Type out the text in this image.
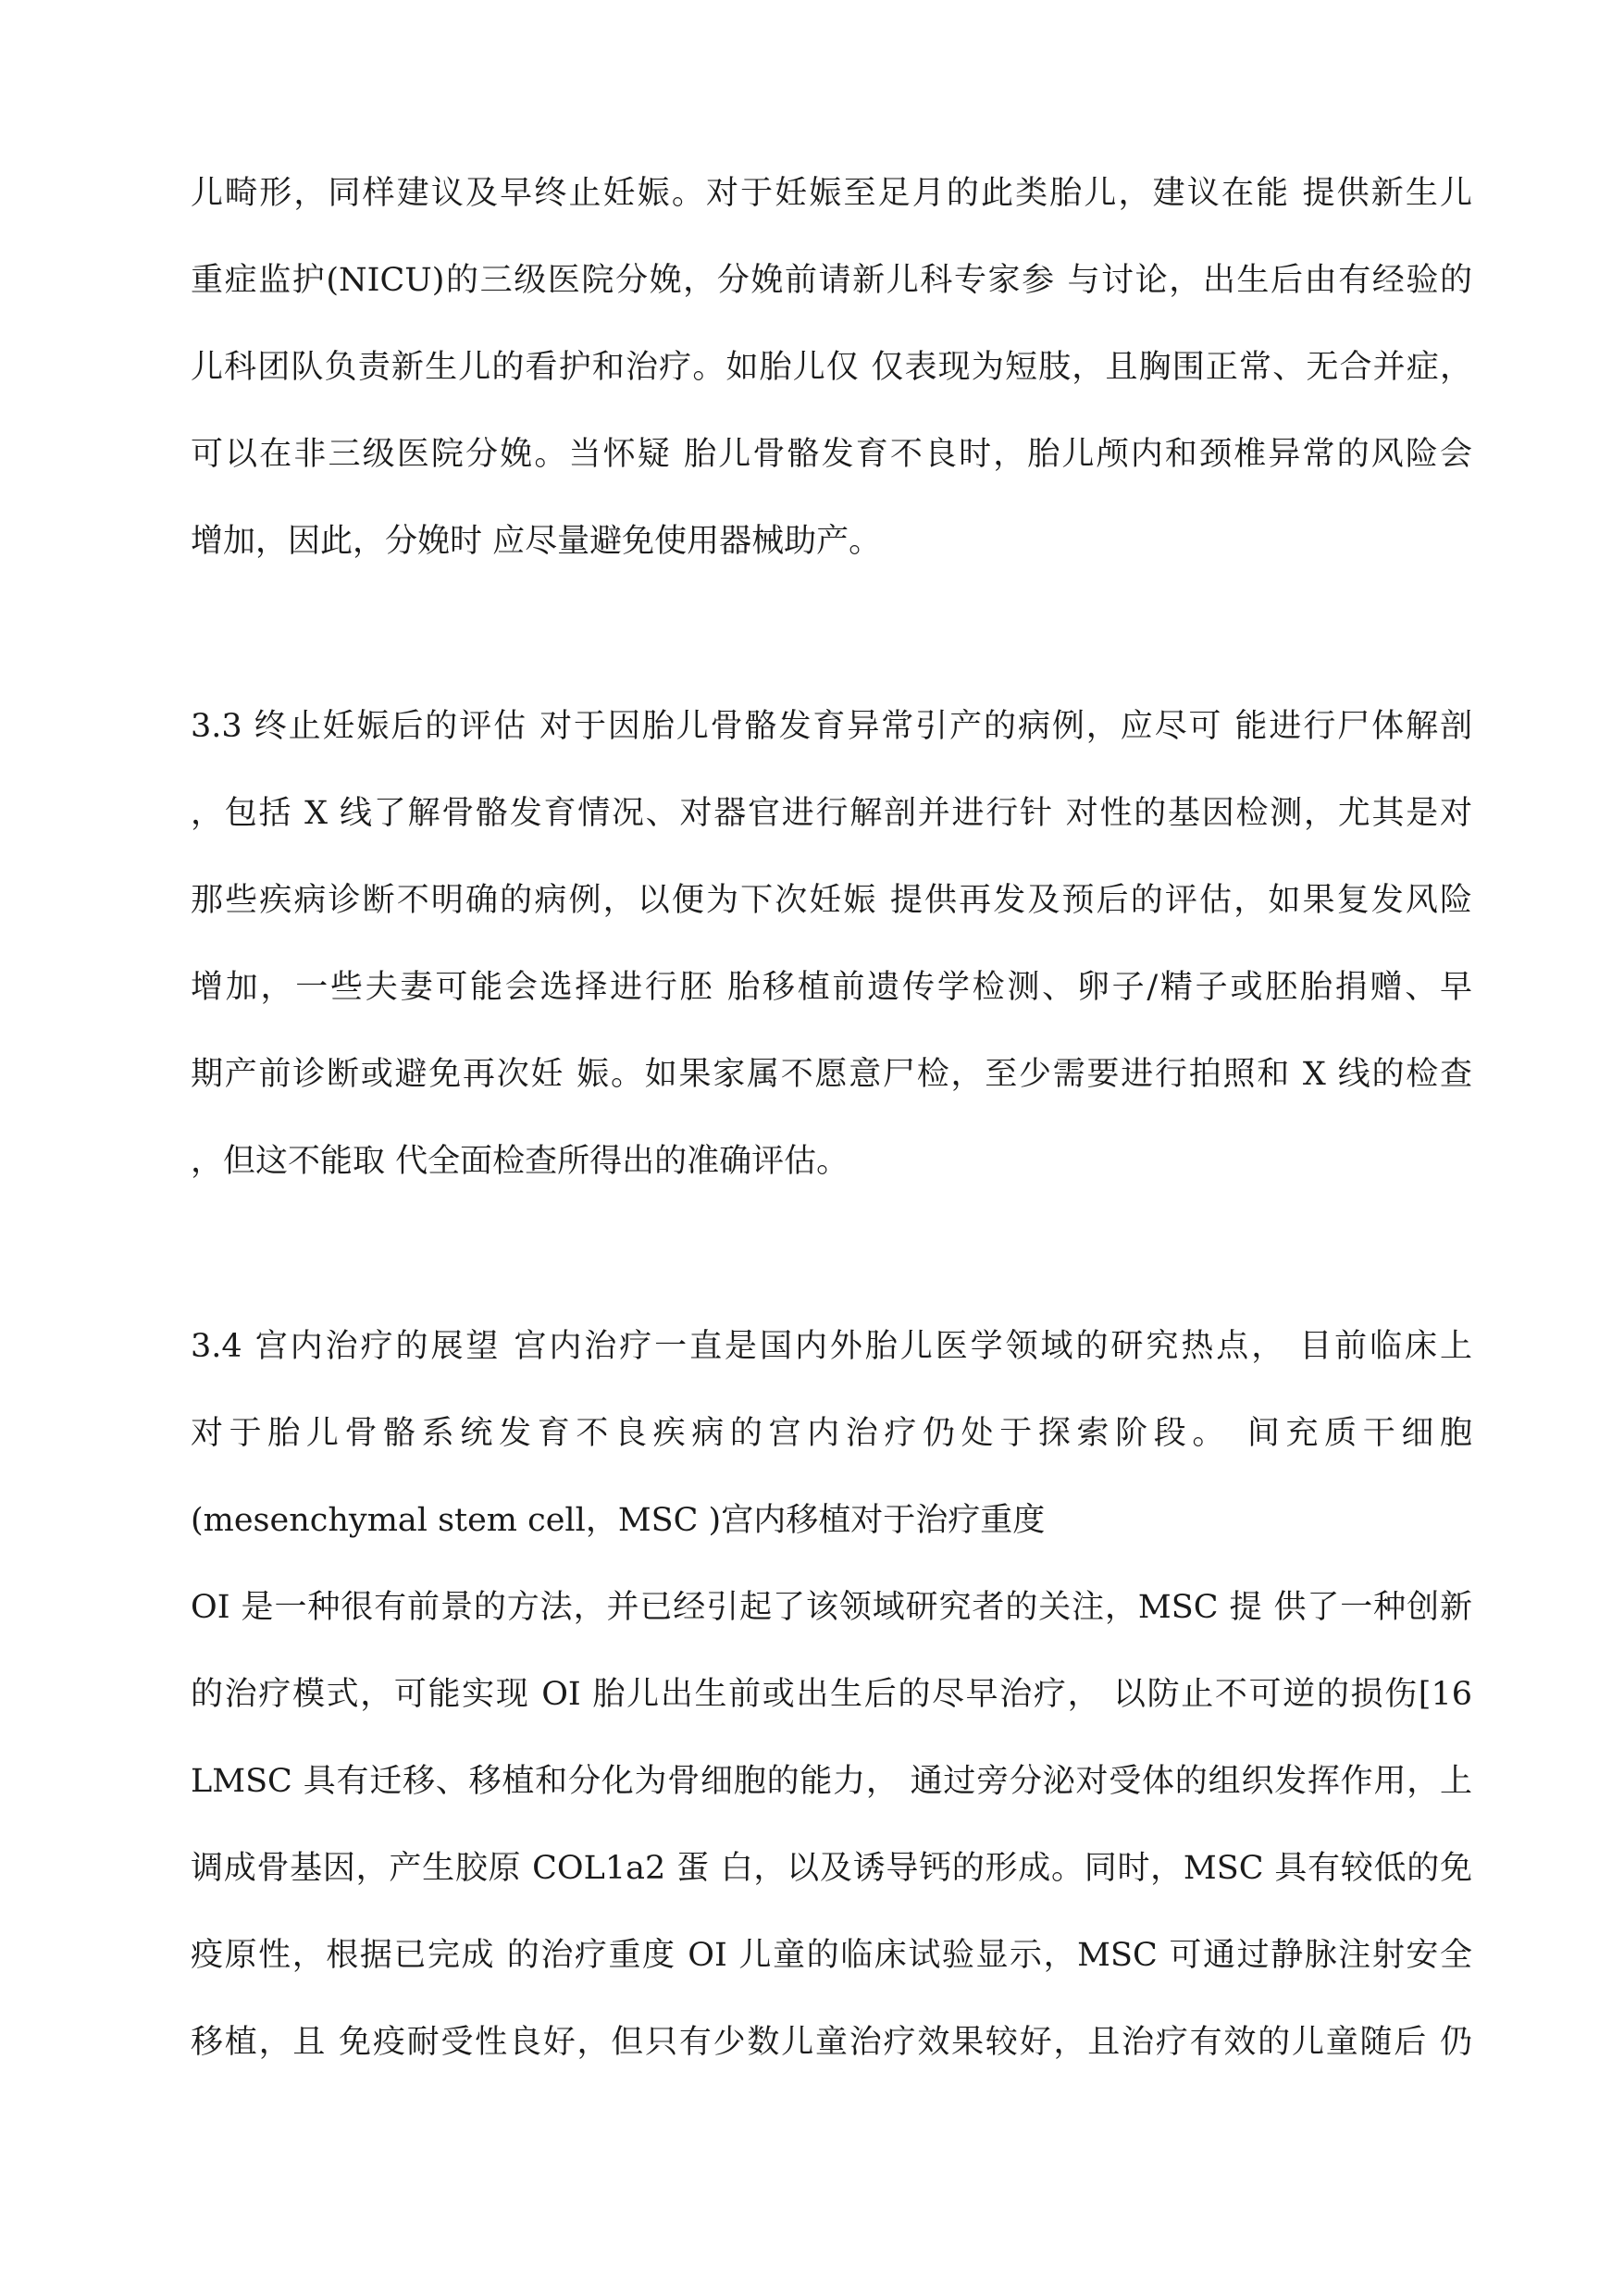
儿畸形，同样建议及早终止妊娠。对于妊娠至足月的此类胎儿，建议在能 提供新生儿
重症监护(NICU)的三级医院分娩，分娩前请新儿科专家参 与讨论，出生后由有经验的
儿科团队负责新生儿的看护和治疗。如胎儿仅 仅表现为短肢，且胸围正常、无合并症，
可以在非三级医院分娩。当怀疑 胎儿骨骼发育不良时，胎儿颅内和颈椎异常的风险会
增加，因此，分娩时 应尽量避免使用器械助产。
3.3 终止妊娠后的评估 对于因胎儿骨骼发育异常引产的病例，应尽可 能进行尸体解剖
，包括 X 线了解骨骼发育情况、对器官进行解剖并进行针 对性的基因检测，尤其是对
那些疾病诊断不明确的病例，以便为下次妊娠 提供再发及预后的评估，如果复发风险
增加，一些夫妻可能会选择进行胚 胎移植前遗传学检测、卵子/精子或胚胎捐赠、早
期产前诊断或避免再次妊 娠。如果家属不愿意尸检，至少需要进行拍照和 X 线的检查
，但这不能取 代全面检查所得出的准确评估。
3.4 宫内治疗的展望 宫内治疗一直是国内外胎儿医学领域的研究热点， 目前临床上
对于胎儿骨骼系统发育不良疾病的宫内治疗仍处于探索阶段。 间充质干细胞
(mesenchymal stem cell，MSC )宫内移植对于治疗重度
OI 是一种很有前景的方法，并已经引起了该领域研究者的关注，MSC 提 供了一种创新
的治疗模式，可能实现 OI 胎儿出生前或出生后的尽早治疗， 以防止不可逆的损伤[16
LMSC 具有迁移、移植和分化为骨细胞的能力， 通过旁分泌对受体的组织发挥作用，上
调成骨基因，产生胶原 COL1a2 蛋 白，以及诱导钙的形成。同时，MSC 具有较低的免
疫原性，根据已完成 的治疗重度 OI 儿童的临床试验显示，MSC 可通过静脉注射安全
移植，且 免疫耐受性良好，但只有少数儿童治疗效果较好，且治疗有效的儿童随后 仍
